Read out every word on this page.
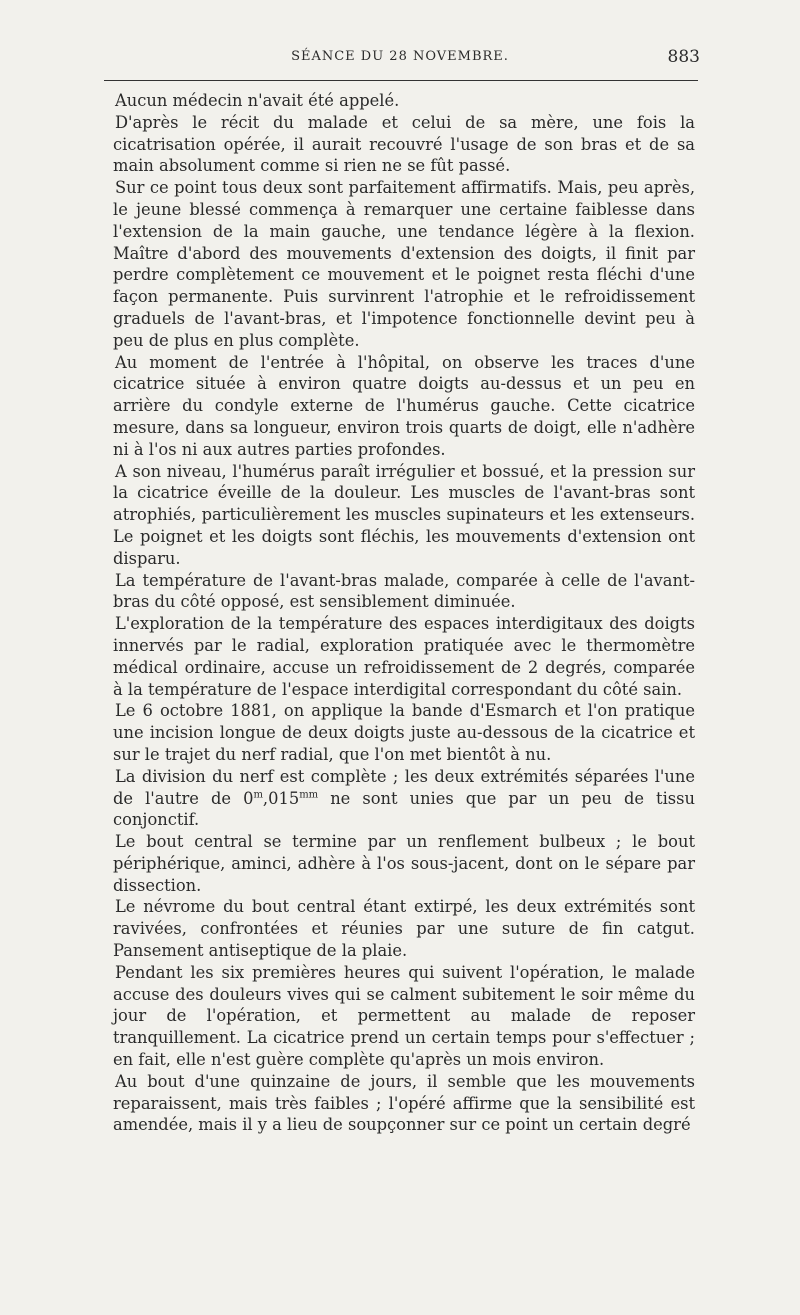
SÉANCE DU 28 NOVEMBRE.	883

Aucun médecin n'avait été appelé.

D'après le récit du malade et celui de sa mère, une fois la cicatrisation opérée, il aurait recouvré l'usage de son bras et de sa main absolument comme si rien ne se fût passé.

Sur ce point tous deux sont parfaitement affirmatifs. Mais, peu après, le jeune blessé commença à remarquer une certaine faiblesse dans l'extension de la main gauche, une tendance légère à la flexion. Maître d'abord des mouvements d'extension des doigts, il finit par perdre complètement ce mouvement et le poignet resta fléchi d'une façon permanente. Puis survinrent l'atrophie et le refroidissement graduels de l'avant-bras, et l'impotence fonctionnelle devint peu à peu de plus en plus complète.

Au moment de l'entrée à l'hôpital, on observe les traces d'une cicatrice située à environ quatre doigts au-dessus et un peu en arrière du condyle externe de l'humérus gauche. Cette cicatrice mesure, dans sa longueur, environ trois quarts de doigt, elle n'adhère ni à l'os ni aux autres parties profondes.

A son niveau, l'humérus paraît irrégulier et bossué, et la pression sur la cicatrice éveille de la douleur. Les muscles de l'avant-bras sont atrophiés, particulièrement les muscles supinateurs et les extenseurs. Le poignet et les doigts sont fléchis, les mouvements d'extension ont disparu.

La température de l'avant-bras malade, comparée à celle de l'avant-bras du côté opposé, est sensiblement diminuée.

L'exploration de la température des espaces interdigitaux des doigts innervés par le radial, exploration pratiquée avec le thermomètre médical ordinaire, accuse un refroidissement de 2 degrés, comparée à la température de l'espace interdigital correspondant du côté sain.

Le 6 octobre 1881, on applique la bande d'Esmarch et l'on pratique une incision longue de deux doigts juste au-dessous de la cicatrice et sur le trajet du nerf radial, que l'on met bientôt à nu.

La division du nerf est complète ; les deux extrémités séparées l'une de l'autre de $0^m,015^{mm}$ ne sont unies que par un peu de tissu conjonctif.

Le bout central se termine par un renflement bulbeux ; le bout périphérique, aminci, adhère à l'os sous-jacent, dont on le sépare par dissection.

Le névrome du bout central étant extirpé, les deux extrémités sont ravivées, confrontées et réunies par une suture de fin catgut. Pansement antiseptique de la plaie.

Pendant les six premières heures qui suivent l'opération, le malade accuse des douleurs vives qui se calment subitement le soir même du jour de l'opération, et permettent au malade de reposer tranquillement. La cicatrice prend un certain temps pour s'effectuer ; en fait, elle n'est guère complète qu'après un mois environ.

Au bout d'une quinzaine de jours, il semble que les mouvements reparaissent, mais très faibles ; l'opéré affirme que la sensibilité est amendée, mais il y a lieu de soupçonner sur ce point un certain degré
